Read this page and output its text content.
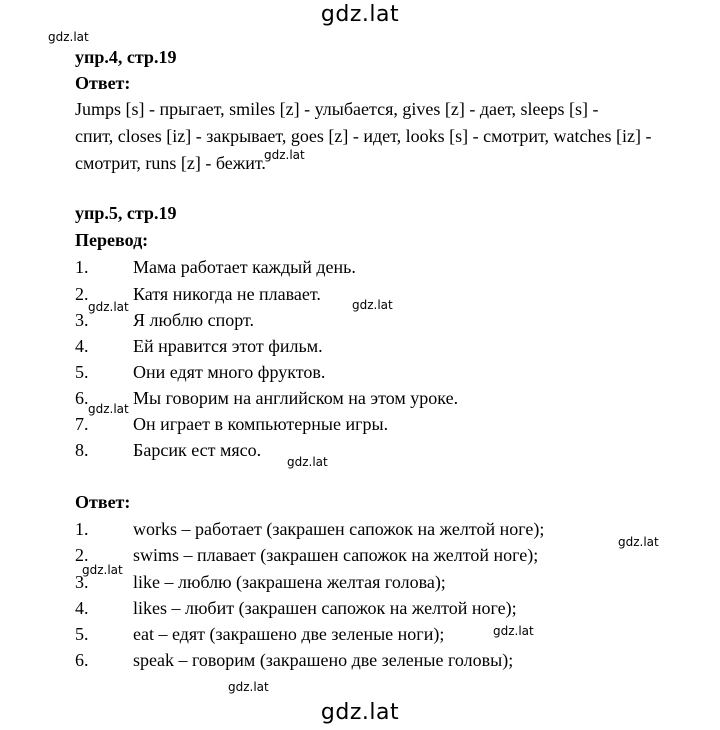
gdz.lat
gdz.lat
gdz.lat
gdz.lat	gdz.lat
gdz.lat
gdz.lat
gdz.lat
gdz.lat
gdz.lat
gdz.lat
gdz.lat
упр.4, стр.19
Ответ:
Jumps [s] - прыгает, smiles [z] - улыбается, gives [z] - дает, sleeps [s] -
спит, closes [iz] - закрывает, goes [z] - идет, looks [s] - смотрит, watches [iz] -
смотрит, runs [z] - бежит.
упр.5, стр.19
Перевод:
1. Мама работает каждый день.
2. Катя никогда не плавает.
3. Я люблю спорт.
4. Ей нравится этот фильм.
5. Они едят много фруктов.
6. Мы говорим на английском на этом уроке.
7. Он играет в компьютерные игры.
8. Барсик ест мясо.
Ответ:
1. works – работает (закрашен сапожок на желтой ноге);
2. swims – плавает (закрашен сапожок на желтой ноге);
3. like – люблю (закрашена желтая голова);
4. likes – любит (закрашен сапожок на желтой ноге);
5. eat – едят (закрашено две зеленые ноги);
6. speak – говорим (закрашено две зеленые головы);
